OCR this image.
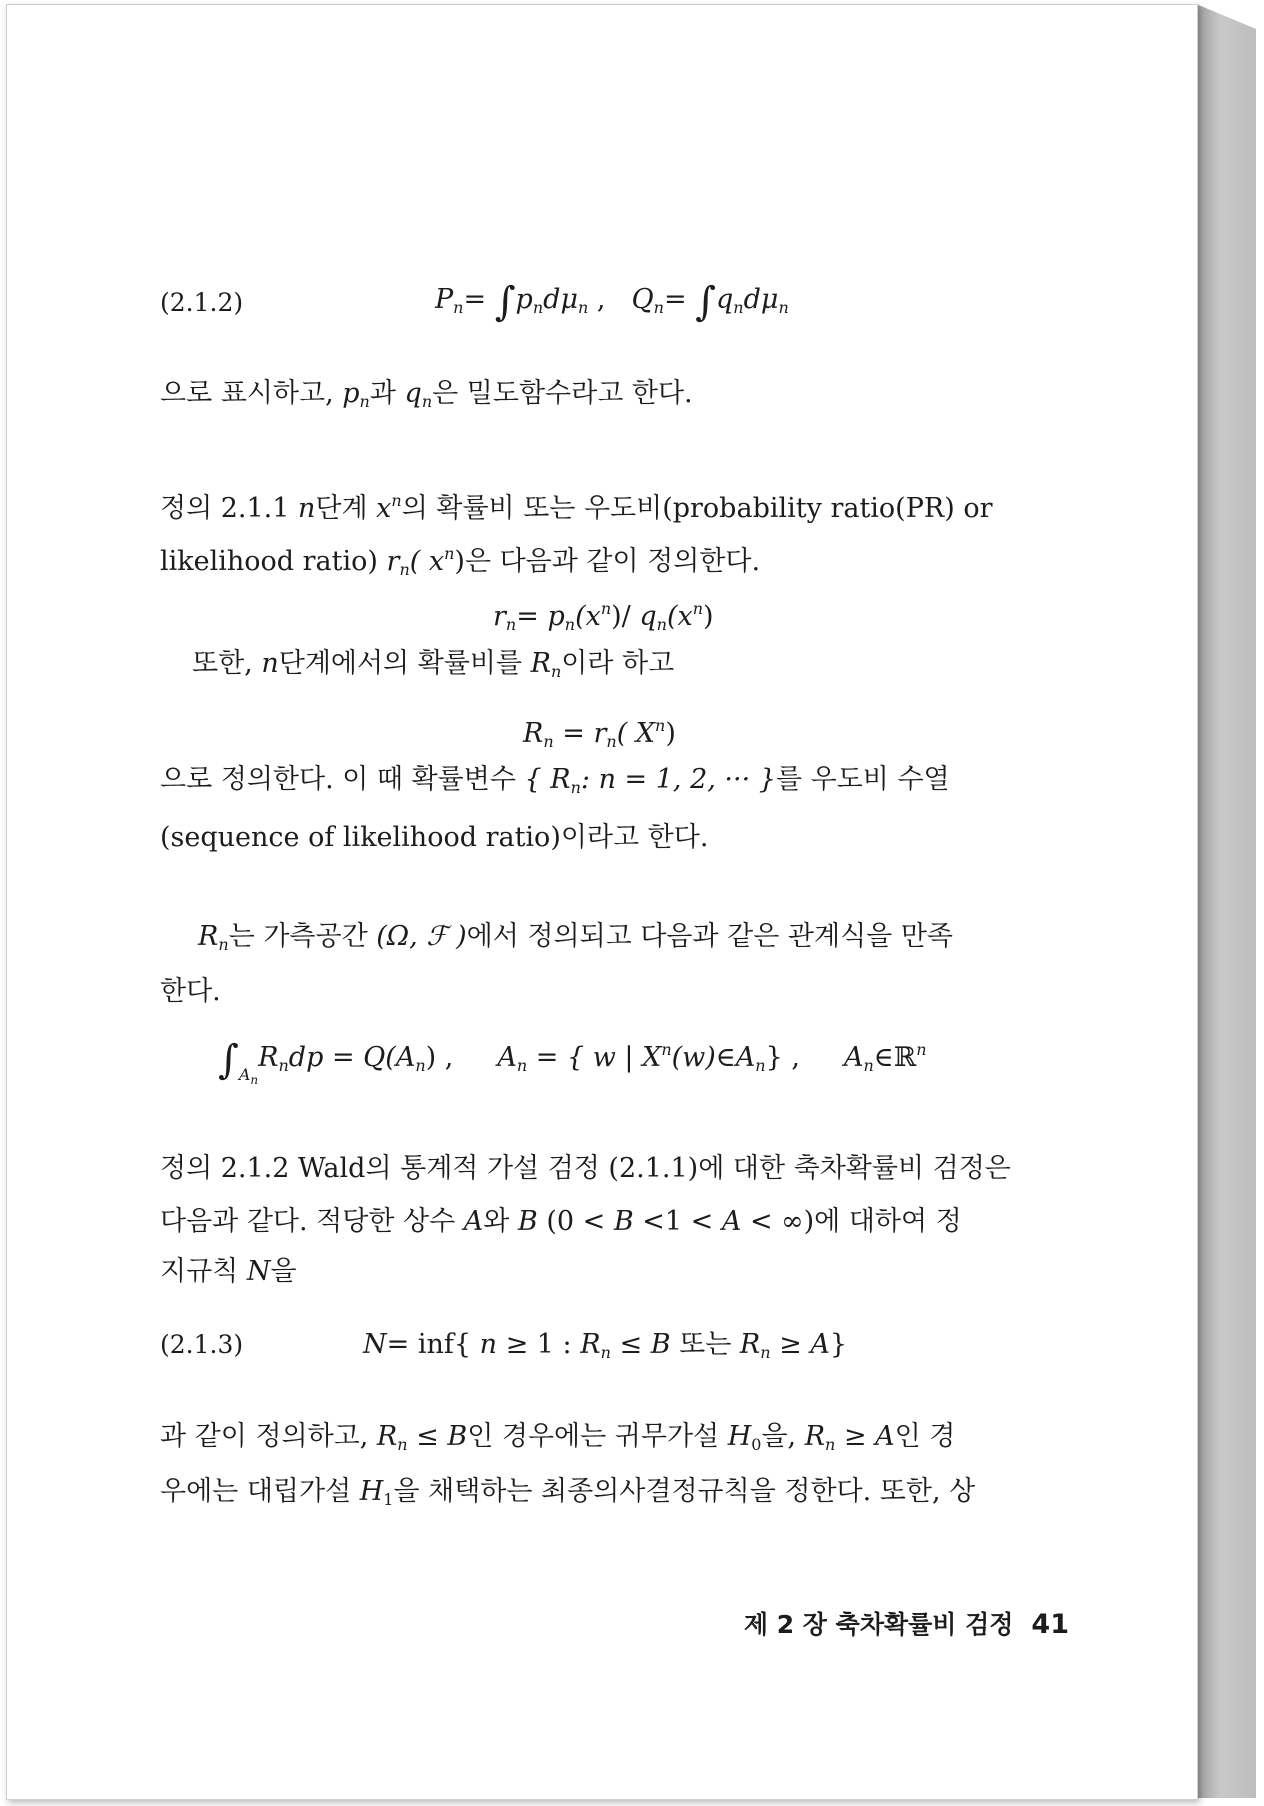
(2.1.2)	$P_n= \int p_nd\mu_n$ , $Q_n= \int q_nd\mu_n$
으로 표시하고, $p_n$과 $q_n$은 밀도함수라고 한다.
정의 2.1.1 n단계 $x^n$의 확률비 또는 우도비(probability ratio(PR) or
likelihood ratio) $r_n$( $x^n$)은 다음과 같이 정의한다.
$r_n= p_n(x^n)/$ $q_n(x^n)$
또한, n단계에서의 확률비를 $R_n$이라 하고
$R_n = r_n$( $X^n$)
으로 정의한다. 이 때 확률변수 { $R_n$: n = 1, 2, ··· }를 우도비 수열
(sequence of likelihood ratio)이라고 한다.
$R_n$는 가측공간 (Ω, ℱ )에서 정의되고 다음과 같은 관계식을 만족
한다.
$\int_{An}R_ndp = Q(A_n)$ , $A_n$ = { w | $X^n(w)\in A_n$} , $A_n\in ℝ^n$
정의 2.1.2 Wald의 통계적 가설 검정 (2.1.1)에 대한 축차확률비 검정은
다음과 같다. 적당한 상수 A와 B (0 < B <1 < A < ∞)에 대하여 정
지규칙 N을
(2.1.3)	N= inf{ n ≥ 1 : $R_n \le B$ 또는 $R_n \ge A$}
과 같이 정의하고, $R_n \le B$인 경우에는 귀무가설 $H_0$을, $R_n \ge A$인 경
우에는 대립가설 $H_1$을 채택하는 최종의사결정규칙을 정한다. 또한, 상
제 2 장 축차확률비 검정 41
